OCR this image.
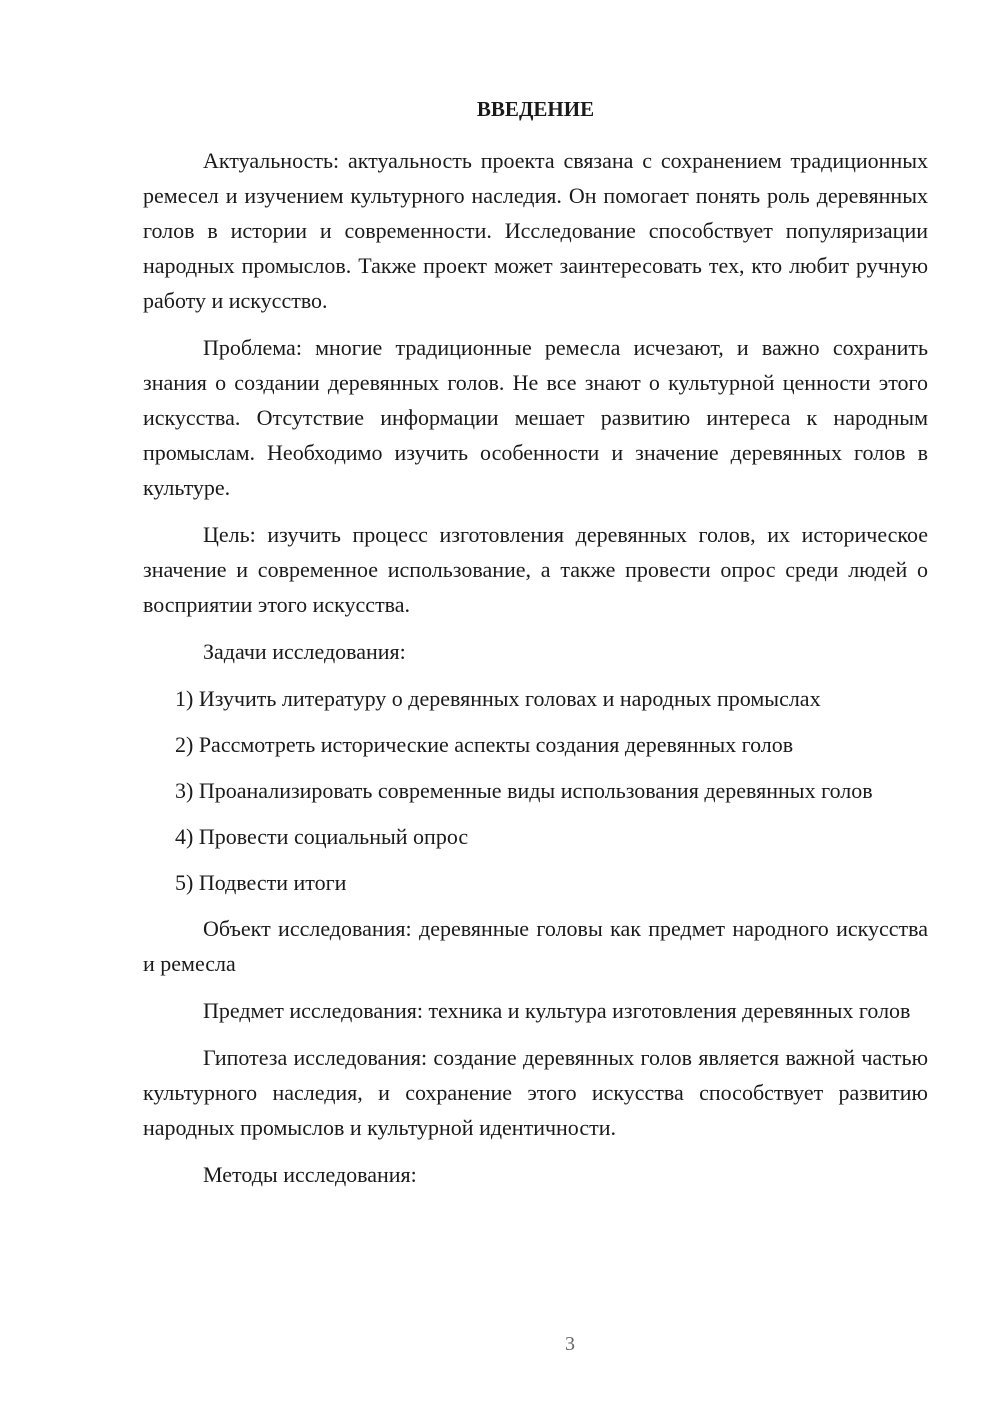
ВВЕДЕНИЕ

Актуальность: актуальность проекта связана с сохранением традиционных ремесел и изучением культурного наследия. Он помогает понять роль деревянных голов в истории и современности. Исследование способствует популяризации народных промыслов. Также проект может заинтересовать тех, кто любит ручную работу и искусство.

Проблема: многие традиционные ремесла исчезают, и важно сохранить знания о создании деревянных голов. Не все знают о культурной ценности этого искусства. Отсутствие информации мешает развитию интереса к народным промыслам. Необходимо изучить особенности и значение деревянных голов в культуре.

Цель: изучить процесс изготовления деревянных голов, их историческое значение и современное использование, а также провести опрос среди людей о восприятии этого искусства.

Задачи исследования:

1) Изучить литературу о деревянных головах и народных промыслах

2) Рассмотреть исторические аспекты создания деревянных голов

3) Проанализировать современные виды использования деревянных голов

4) Провести социальный опрос

5) Подвести итоги

Объект исследования: деревянные головы как предмет народного искусства и ремесла

Предмет исследования: техника и культура изготовления деревянных голов

Гипотеза исследования: создание деревянных голов является важной частью культурного наследия, и сохранение этого искусства способствует развитию народных промыслов и культурной идентичности.

Методы исследования:

3
